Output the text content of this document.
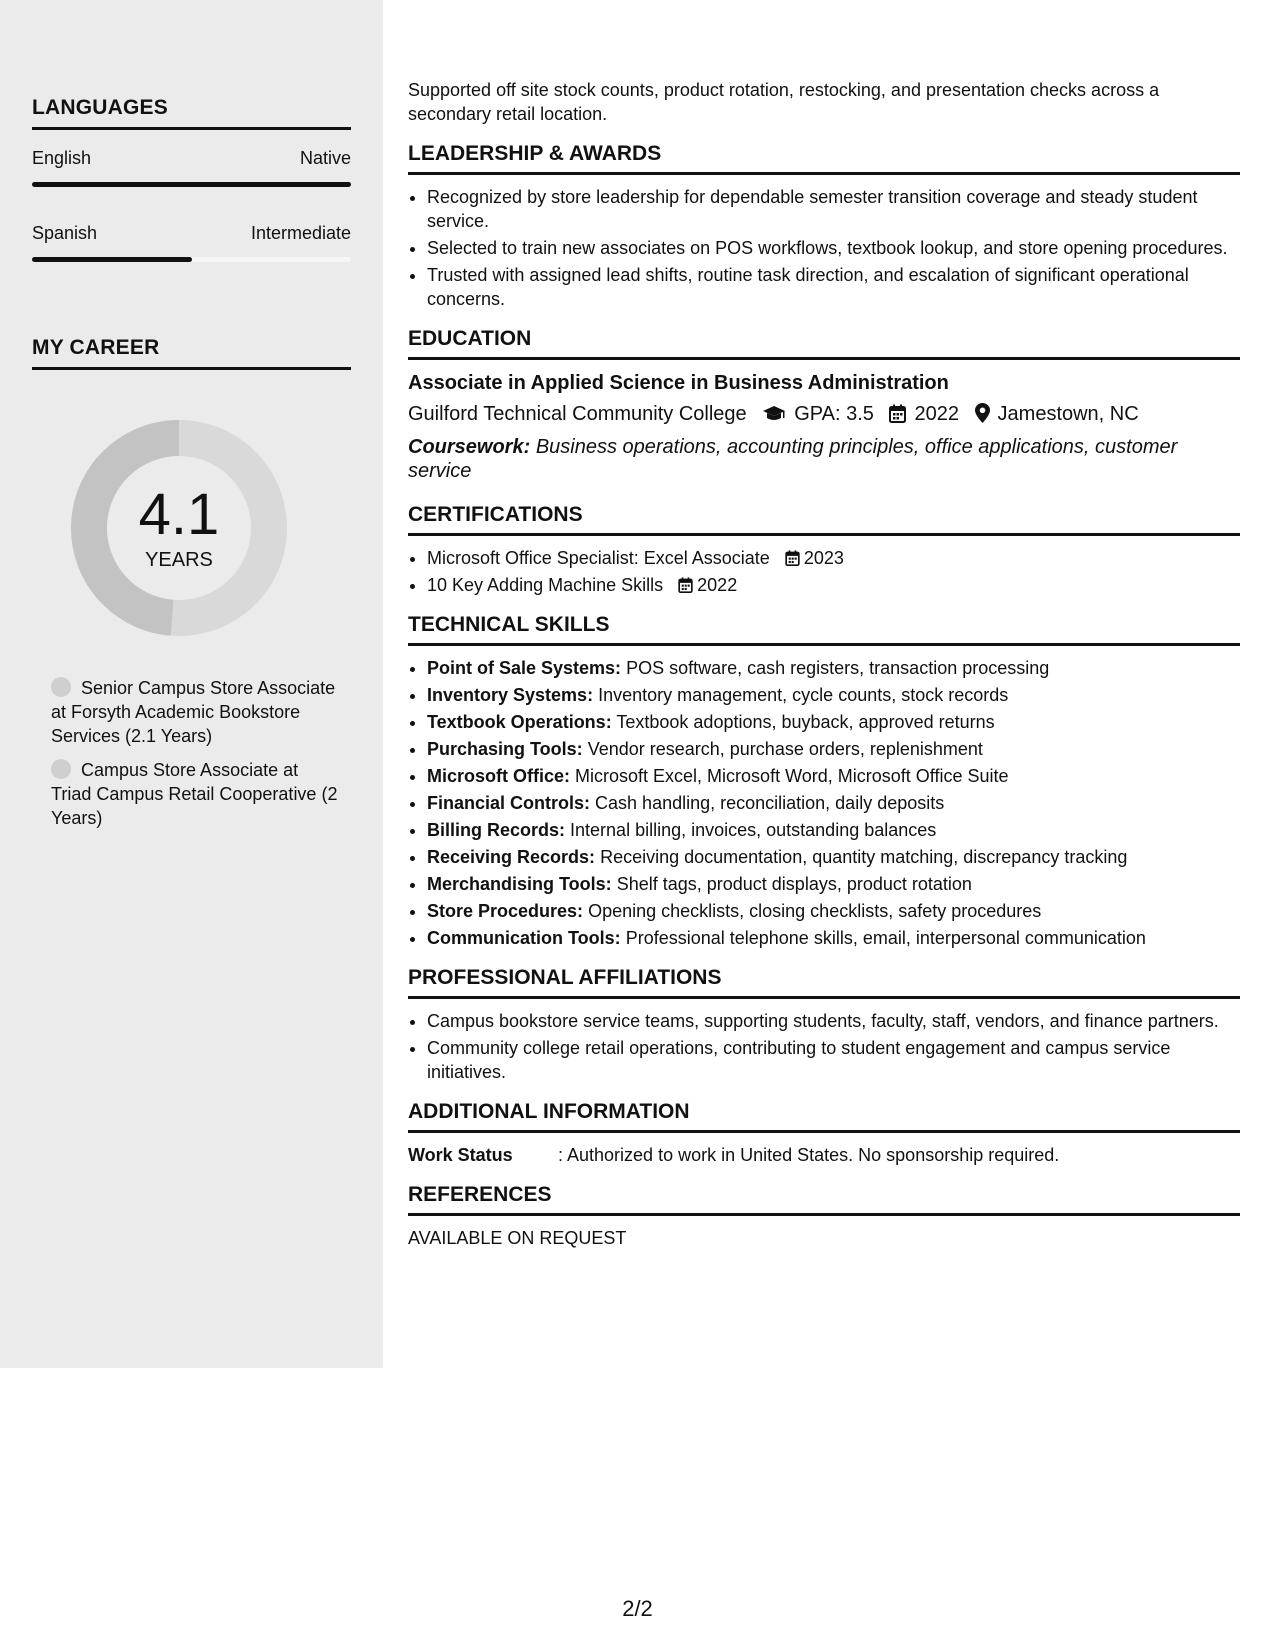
LANGUAGES
English	Native
Spanish	Intermediate
MY CAREER
4.1
YEARS
Senior Campus Store Associate at Forsyth Academic Bookstore Services (2.1 Years)
Campus Store Associate at Triad Campus Retail Cooperative (2 Years)

Supported off site stock counts, product rotation, restocking, and presentation checks across a secondary retail location.

LEADERSHIP & AWARDS
• Recognized by store leadership for dependable semester transition coverage and steady student service.
• Selected to train new associates on POS workflows, textbook lookup, and store opening procedures.
• Trusted with assigned lead shifts, routine task direction, and escalation of significant operational concerns.
EDUCATION
Associate in Applied Science in Business Administration
Guilford Technical Community College GPA: 3.5 2022 Jamestown, NC
Coursework: Business operations, accounting principles, office applications, customer service
CERTIFICATIONS
• Microsoft Office Specialist: Excel Associate 2023
• 10 Key Adding Machine Skills 2022
TECHNICAL SKILLS
• Point of Sale Systems: POS software, cash registers, transaction processing
• Inventory Systems: Inventory management, cycle counts, stock records
• Textbook Operations: Textbook adoptions, buyback, approved returns
• Purchasing Tools: Vendor research, purchase orders, replenishment
• Microsoft Office: Microsoft Excel, Microsoft Word, Microsoft Office Suite
• Financial Controls: Cash handling, reconciliation, daily deposits
• Billing Records: Internal billing, invoices, outstanding balances
• Receiving Records: Receiving documentation, quantity matching, discrepancy tracking
• Merchandising Tools: Shelf tags, product displays, product rotation
• Store Procedures: Opening checklists, closing checklists, safety procedures
• Communication Tools: Professional telephone skills, email, interpersonal communication
PROFESSIONAL AFFILIATIONS
• Campus bookstore service teams, supporting students, faculty, staff, vendors, and finance partners.
• Community college retail operations, contributing to student engagement and campus service initiatives.
ADDITIONAL INFORMATION
Work Status	: Authorized to work in United States. No sponsorship required.
REFERENCES
AVAILABLE ON REQUEST
2/2
